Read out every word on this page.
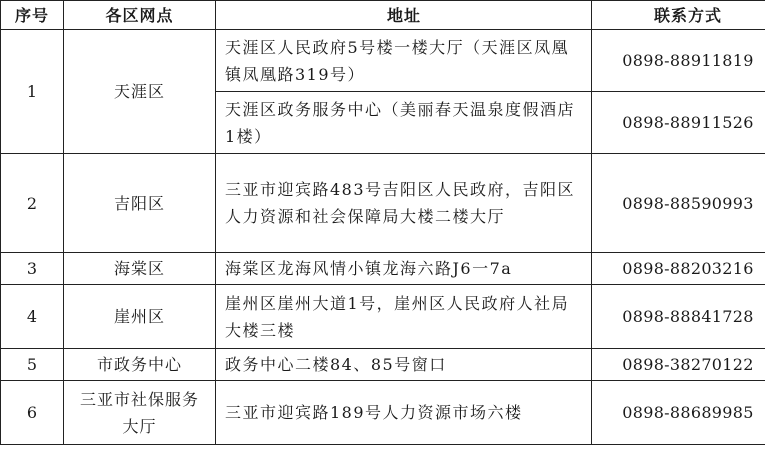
序号	各区网点	地址	联系方式
1	天涯区	天涯区人民政府5号楼一楼大厅（天涯区凤凰镇凤凰路319号）	0898-88911819
		天涯区政务服务中心（美丽春天温泉度假酒店1楼）	0898-88911526
2	吉阳区	三亚市迎宾路483号吉阳区人民政府，吉阳区人力资源和社会保障局大楼二楼大厅	0898-88590993
3	海棠区	海棠区龙海风情小镇龙海六路J6一7a	0898-88203216
4	崖州区	崖州区崖州大道1号，崖州区人民政府人社局大楼三楼	0898-88841728
5	市政务中心	政务中心二楼84、85号窗口	0898-38270122
6	三亚市社保服务大厅	三亚市迎宾路189号人力资源市场六楼	0898-88689985
